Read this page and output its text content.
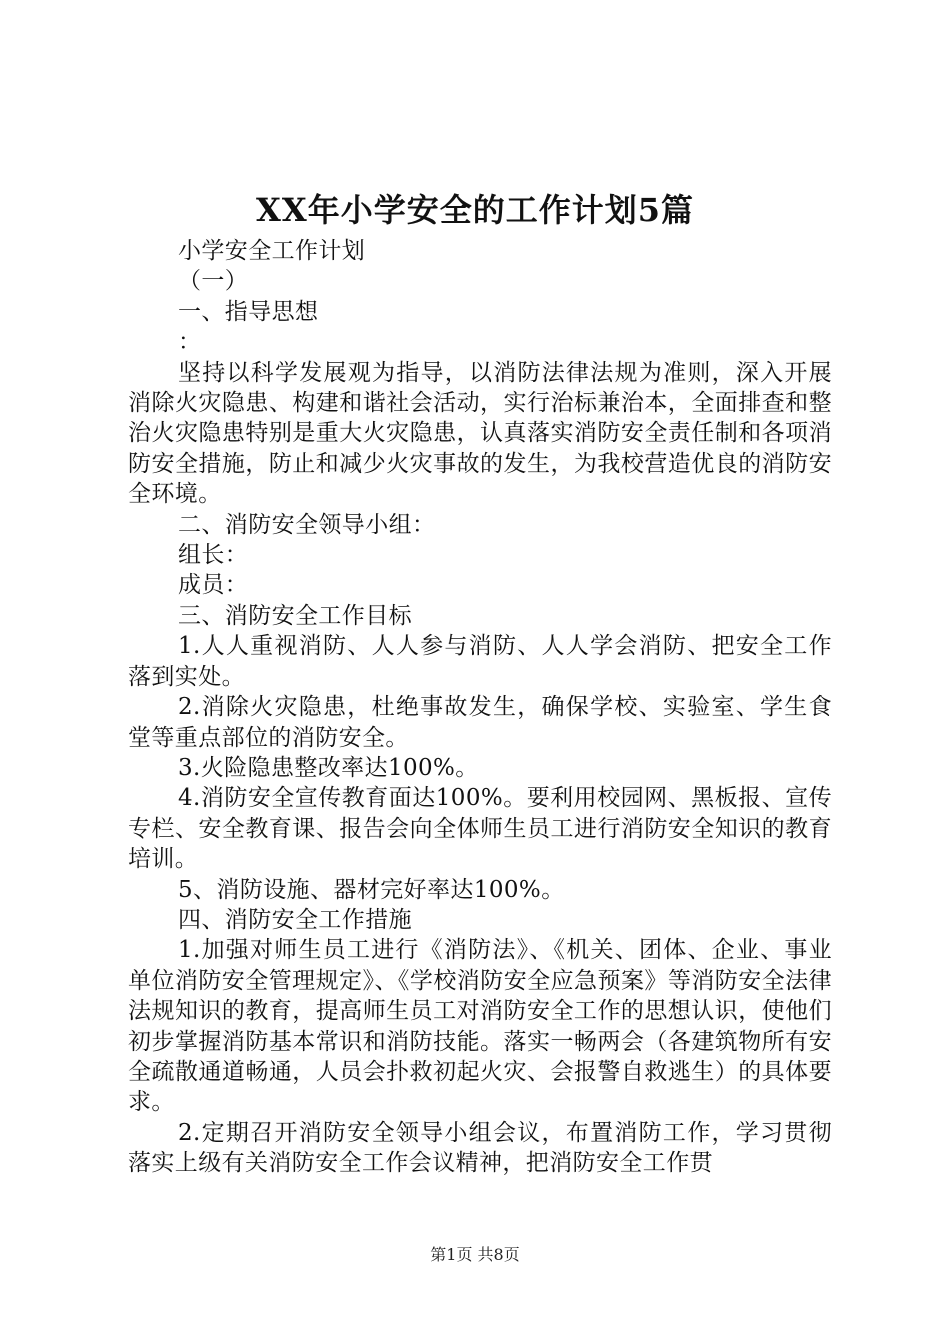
XX年小学安全的工作计划5篇

小学安全工作计划

（一）

一、指导思想

：

坚持以科学发展观为指导，以消防法律法规为准则，深入开展消除火灾隐患、构建和谐社会活动，实行治标兼治本，全面排查和整治火灾隐患特别是重大火灾隐患，认真落实消防安全责任制和各项消防安全措施，防止和减少火灾事故的发生，为我校营造优良的消防安全环境。

二、消防安全领导小组：

组长：

成员：

三、消防安全工作目标

1.人人重视消防、人人参与消防、人人学会消防、把安全工作落到实处。

2.消除火灾隐患，杜绝事故发生，确保学校、实验室、学生食堂等重点部位的消防安全。

3.火险隐患整改率达100%。

4.消防安全宣传教育面达100%。要利用校园网、黑板报、宣传专栏、安全教育课、报告会向全体师生员工进行消防安全知识的教育培训。

5、消防设施、器材完好率达100%。

四、消防安全工作措施

1.加强对师生员工进行《消防法》、《机关、团体、企业、事业单位消防安全管理规定》、《学校消防安全应急预案》等消防安全法律法规知识的教育，提高师生员工对消防安全工作的思想认识，使他们初步掌握消防基本常识和消防技能。落实一畅两会（各建筑物所有安全疏散通道畅通，人员会扑救初起火灾、会报警自救逃生）的具体要求。

2.定期召开消防安全领导小组会议，布置消防工作，学习贯彻落实上级有关消防安全工作会议精神，把消防安全工作贯

第1页 共8页
